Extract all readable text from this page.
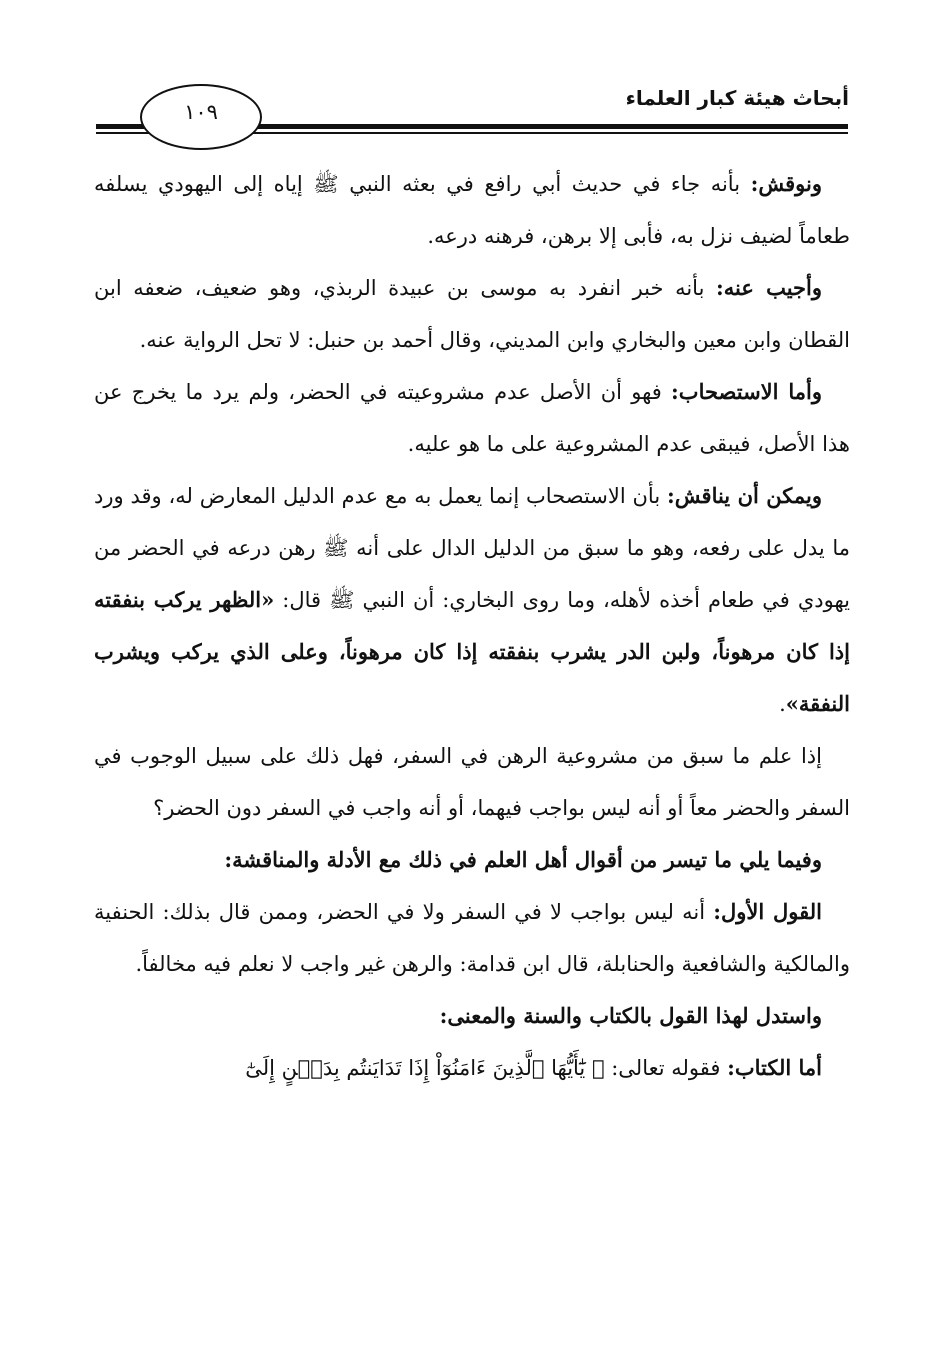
أبحاث هيئة كبار العلماء
١٠٩

ونوقش: بأنه جاء في حديث أبي رافع في بعثه النبي ﷺ إياه إلى اليهودي يسلفه طعاماً لضيف نزل به، فأبى إلا برهن، فرهنه درعه.

وأجيب عنه: بأنه خبر انفرد به موسى بن عبيدة الربذي، وهو ضعيف، ضعفه ابن القطان وابن معين والبخاري وابن المديني، وقال أحمد بن حنبل: لا تحل الرواية عنه.

وأما الاستصحاب: فهو أن الأصل عدم مشروعيته في الحضر، ولم يرد ما يخرج عن هذا الأصل، فيبقى عدم المشروعية على ما هو عليه.

ويمكن أن يناقش: بأن الاستصحاب إنما يعمل به مع عدم الدليل المعارض له، وقد ورد ما يدل على رفعه، وهو ما سبق من الدليل الدال على أنه ﷺ رهن درعه في الحضر من يهودي في طعام أخذه لأهله، وما روى البخاري: أن النبي ﷺ قال: «الظهر يركب بنفقته إذا كان مرهوناً، ولبن الدر يشرب بنفقته إذا كان مرهوناً، وعلى الذي يركب ويشرب النفقة».

إذا علم ما سبق من مشروعية الرهن في السفر، فهل ذلك على سبيل الوجوب في السفر والحضر معاً أو أنه ليس بواجب فيهما، أو أنه واجب في السفر دون الحضر؟

وفيما يلي ما تيسر من أقوال أهل العلم في ذلك مع الأدلة والمناقشة:

القول الأول: أنه ليس بواجب لا في السفر ولا في الحضر، وممن قال بذلك: الحنفية والمالكية والشافعية والحنابلة، قال ابن قدامة: والرهن غير واجب لا نعلم فيه مخالفاً.

واستدل لهذا القول بالكتاب والسنة والمعنى:

أما الكتاب: فقوله تعالى: ﴿ يَٰٓأَيُّهَا ٱلَّذِينَ ءَامَنُوٓاْ إِذَا تَدَايَنتُم بِدَيۡنٍ إِلَىٰٓ
